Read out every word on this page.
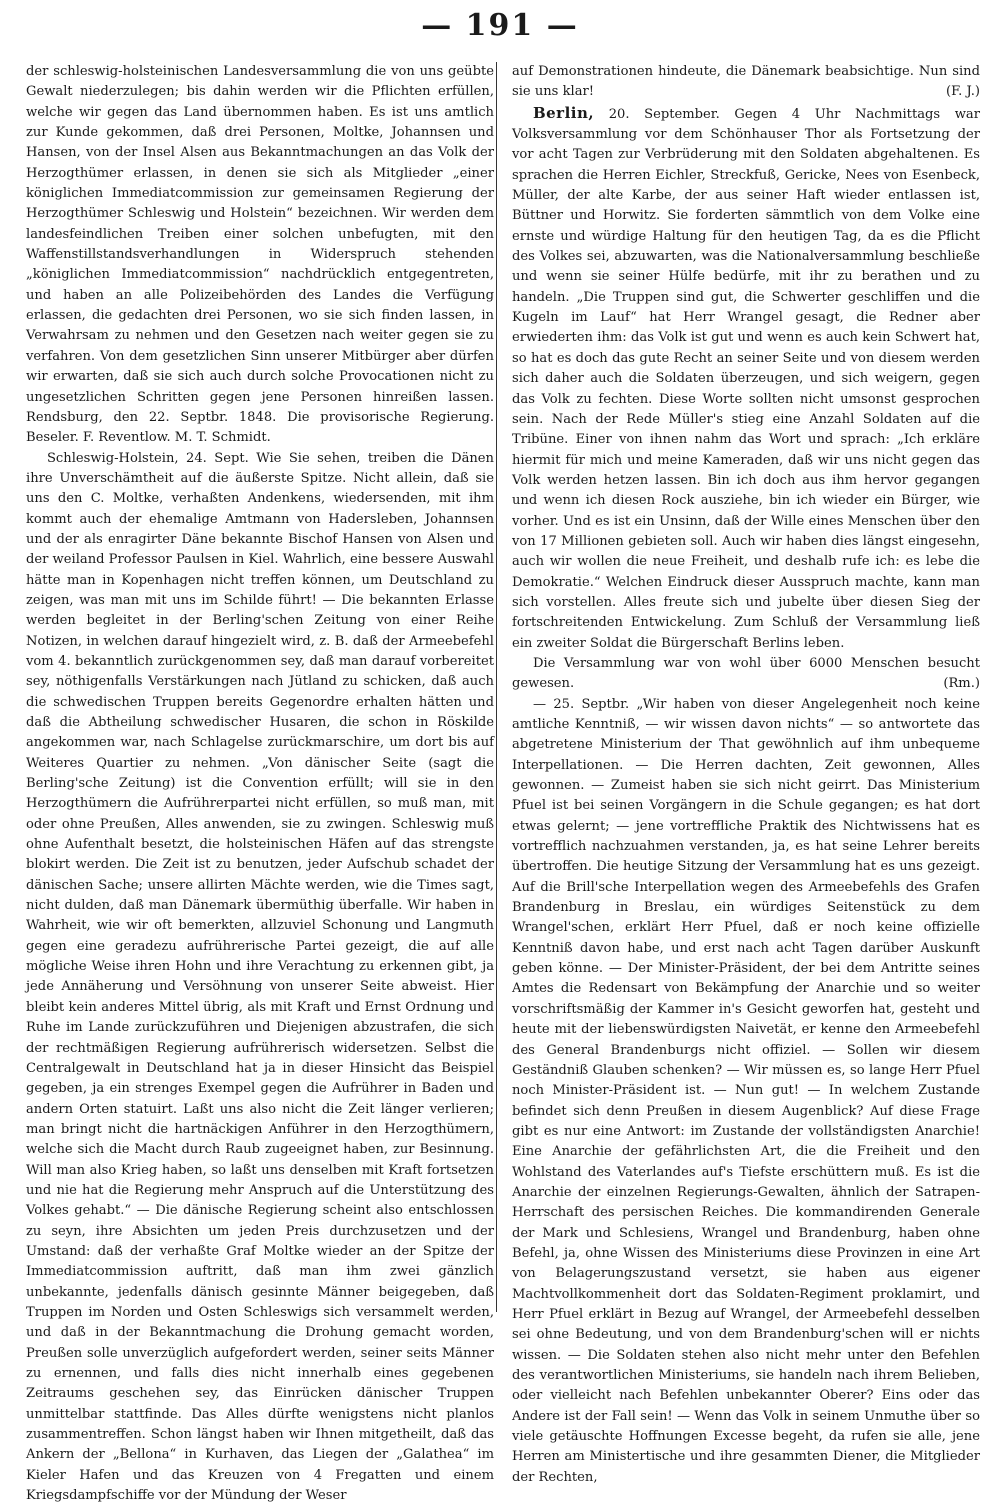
— 191 —

der schleswig-holsteinischen Landesversammlung die von uns geübte Gewalt niederzulegen; bis dahin werden wir die Pflichten erfüllen, welche wir gegen das Land übernommen haben. Es ist uns amtlich zur Kunde gekommen, daß drei Personen, Moltke, Johannsen und Hansen, von der Insel Alsen aus Bekanntmachungen an das Volk der Herzogthümer erlassen, in denen sie sich als Mitglieder „einer königlichen Immediatcommission zur gemeinsamen Regierung der Herzogthümer Schleswig und Holstein“ bezeichnen. Wir werden dem landesfeindlichen Treiben einer solchen unbefugten, mit den Waffenstillstandsverhandlungen in Widerspruch stehenden „königlichen Immediatcommission“ nachdrücklich entgegentreten, und haben an alle Polizeibehörden des Landes die Verfügung erlassen, die gedachten drei Personen, wo sie sich finden lassen, in Verwahrsam zu nehmen und den Gesetzen nach weiter gegen sie zu verfahren. Von dem gesetzlichen Sinn unserer Mitbürger aber dürfen wir erwarten, daß sie sich auch durch solche Provocationen nicht zu ungesetzlichen Schritten gegen jene Personen hinreißen lassen. Rendsburg, den 22. Septbr. 1848. Die provisorische Regierung. Beseler. F. Reventlow. M. T. Schmidt.

Schleswig-Holstein, 24. Sept. Wie Sie sehen, treiben die Dänen ihre Unverschämtheit auf die äußerste Spitze. Nicht allein, daß sie uns den C. Moltke, verhaßten Andenkens, wiedersenden, mit ihm kommt auch der ehemalige Amtmann von Hadersleben, Johannsen und der als enragirter Däne bekannte Bischof Hansen von Alsen und der weiland Professor Paulsen in Kiel. Wahrlich, eine bessere Auswahl hätte man in Kopenhagen nicht treffen können, um Deutschland zu zeigen, was man mit uns im Schilde führt! — Die bekannten Erlasse werden begleitet in der Berling'schen Zeitung von einer Reihe Notizen, in welchen darauf hingezielt wird, z. B. daß der Armeebefehl vom 4. bekanntlich zurückgenommen sey, daß man darauf vorbereitet sey, nöthigenfalls Verstärkungen nach Jütland zu schicken, daß auch die schwedischen Truppen bereits Gegenordre erhalten hätten und daß die Abtheilung schwedischer Husaren, die schon in Röskilde angekommen war, nach Schlagelse zurückmarschire, um dort bis auf Weiteres Quartier zu nehmen. „Von dänischer Seite (sagt die Berling'sche Zeitung) ist die Convention erfüllt; will sie in den Herzogthümern die Aufrührerpartei nicht erfüllen, so muß man, mit oder ohne Preußen, Alles anwenden, sie zu zwingen. Schleswig muß ohne Aufenthalt besetzt, die holsteinischen Häfen auf das strengste blokirt werden. Die Zeit ist zu benutzen, jeder Aufschub schadet der dänischen Sache; unsere allirten Mächte werden, wie die Times sagt, nicht dulden, daß man Dänemark übermüthig überfalle. Wir haben in Wahrheit, wie wir oft bemerkten, allzuviel Schonung und Langmuth gegen eine geradezu aufrührerische Partei gezeigt, die auf alle mögliche Weise ihren Hohn und ihre Verachtung zu erkennen gibt, ja jede Annäherung und Versöhnung von unserer Seite abweist. Hier bleibt kein anderes Mittel übrig, als mit Kraft und Ernst Ordnung und Ruhe im Lande zurückzuführen und Diejenigen abzustrafen, die sich der rechtmäßigen Regierung aufrührerisch widersetzen. Selbst die Centralgewalt in Deutschland hat ja in dieser Hinsicht das Beispiel gegeben, ja ein strenges Exempel gegen die Aufrührer in Baden und andern Orten statuirt. Laßt uns also nicht die Zeit länger verlieren; man bringt nicht die hartnäckigen Anführer in den Herzogthümern, welche sich die Macht durch Raub zugeeignet haben, zur Besinnung. Will man also Krieg haben, so laßt uns denselben mit Kraft fortsetzen und nie hat die Regierung mehr Anspruch auf die Unterstützung des Volkes gehabt.“ — Die dänische Regierung scheint also entschlossen zu seyn, ihre Absichten um jeden Preis durchzusetzen und der Umstand: daß der verhaßte Graf Moltke wieder an der Spitze der Immediatcommission auftritt, daß man ihm zwei gänzlich unbekannte, jedenfalls dänisch gesinnte Männer beigegeben, daß Truppen im Norden und Osten Schleswigs sich versammelt werden, und daß in der Bekanntmachung die Drohung gemacht worden, Preußen solle unverzüglich aufgefordert werden, seiner seits Männer zu ernennen, und falls dies nicht innerhalb eines gegebenen Zeitraums geschehen sey, das Einrücken dänischer Truppen unmittelbar stattfinde. Das Alles dürfte wenigstens nicht planlos zusammentreffen. Schon längst haben wir Ihnen mitgetheilt, daß das Ankern der „Bellona“ in Kurhaven, das Liegen der „Galathea“ im Kieler Hafen und das Kreuzen von 4 Fregatten und einem Kriegsdampfschiffe vor der Mündung der Weser

auf Demonstrationen hindeute, die Dänemark beabsichtige. Nun sind sie uns klar!	(F. J.)

Berlin, 20. September. Gegen 4 Uhr Nachmittags war Volksversammlung vor dem Schönhauser Thor als Fortsetzung der vor acht Tagen zur Verbrüderung mit den Soldaten abgehaltenen. Es sprachen die Herren Eichler, Streckfuß, Gericke, Nees von Esenbeck, Müller, der alte Karbe, der aus seiner Haft wieder entlassen ist, Büttner und Horwitz. Sie forderten sämmtlich von dem Volke eine ernste und würdige Haltung für den heutigen Tag, da es die Pflicht des Volkes sei, abzuwarten, was die Nationalversammlung beschließe und wenn sie seiner Hülfe bedürfe, mit ihr zu berathen und zu handeln. „Die Truppen sind gut, die Schwerter geschliffen und die Kugeln im Lauf“ hat Herr Wrangel gesagt, die Redner aber erwiederten ihm: das Volk ist gut und wenn es auch kein Schwert hat, so hat es doch das gute Recht an seiner Seite und von diesem werden sich daher auch die Soldaten überzeugen, und sich weigern, gegen das Volk zu fechten. Diese Worte sollten nicht umsonst gesprochen sein. Nach der Rede Müller's stieg eine Anzahl Soldaten auf die Tribüne. Einer von ihnen nahm das Wort und sprach: „Ich erkläre hiermit für mich und meine Kameraden, daß wir uns nicht gegen das Volk werden hetzen lassen. Bin ich doch aus ihm hervor gegangen und wenn ich diesen Rock ausziehe, bin ich wieder ein Bürger, wie vorher. Und es ist ein Unsinn, daß der Wille eines Menschen über den von 17 Millionen gebieten soll. Auch wir haben dies längst eingesehn, auch wir wollen die neue Freiheit, und deshalb rufe ich: es lebe die Demokratie.“ Welchen Eindruck dieser Ausspruch machte, kann man sich vorstellen. Alles freute sich und jubelte über diesen Sieg der fortschreitenden Entwickelung. Zum Schluß der Versammlung ließ ein zweiter Soldat die Bürgerschaft Berlins leben.

Die Versammlung war von wohl über 6000 Menschen besucht gewesen.	(Rm.)

— 25. Septbr. „Wir haben von dieser Angelegenheit noch keine amtliche Kenntniß, — wir wissen davon nichts“ — so antwortete das abgetretene Ministerium der That gewöhnlich auf ihm unbequeme Interpellationen. — Die Herren dachten, Zeit gewonnen, Alles gewonnen. — Zumeist haben sie sich nicht geirrt. Das Ministerium Pfuel ist bei seinen Vorgängern in die Schule gegangen; es hat dort etwas gelernt; — jene vortreffliche Praktik des Nichtwissens hat es vortrefflich nachzuahmen verstanden, ja, es hat seine Lehrer bereits übertroffen. Die heutige Sitzung der Versammlung hat es uns gezeigt. Auf die Brill'sche Interpellation wegen des Armeebefehls des Grafen Brandenburg in Breslau, ein würdiges Seitenstück zu dem Wrangel'schen, erklärt Herr Pfuel, daß er noch keine offizielle Kenntniß davon habe, und erst nach acht Tagen darüber Auskunft geben könne. — Der Minister-Präsident, der bei dem Antritte seines Amtes die Redensart von Bekämpfung der Anarchie und so weiter vorschriftsmäßig der Kammer in's Gesicht geworfen hat, gesteht und heute mit der liebenswürdigsten Naivetät, er kenne den Armeebefehl des General Brandenburgs nicht offiziel. — Sollen wir diesem Geständniß Glauben schenken? — Wir müssen es, so lange Herr Pfuel noch Minister-Präsident ist. — Nun gut! — In welchem Zustande befindet sich denn Preußen in diesem Augenblick? Auf diese Frage gibt es nur eine Antwort: im Zustande der vollständigsten Anarchie! Eine Anarchie der gefährlichsten Art, die die Freiheit und den Wohlstand des Vaterlandes auf's Tiefste erschüttern muß. Es ist die Anarchie der einzelnen Regierungs-Gewalten, ähnlich der Satrapen-Herrschaft des persischen Reiches. Die kommandirenden Generale der Mark und Schlesiens, Wrangel und Brandenburg, haben ohne Befehl, ja, ohne Wissen des Ministeriums diese Provinzen in eine Art von Belagerungszustand versetzt, sie haben aus eigener Machtvollkommenheit dort das Soldaten-Regiment proklamirt, und Herr Pfuel erklärt in Bezug auf Wrangel, der Armeebefehl desselben sei ohne Bedeutung, und von dem Brandenburg'schen will er nichts wissen. — Die Soldaten stehen also nicht mehr unter den Befehlen des verantwortlichen Ministeriums, sie handeln nach ihrem Belieben, oder vielleicht nach Befehlen unbekannter Oberer? Eins oder das Andere ist der Fall sein! — Wenn das Volk in seinem Unmuthe über so viele getäuschte Hoffnungen Excesse begeht, da rufen sie alle, jene Herren am Ministertische und ihre gesammten Diener, die Mitglieder der Rechten,
